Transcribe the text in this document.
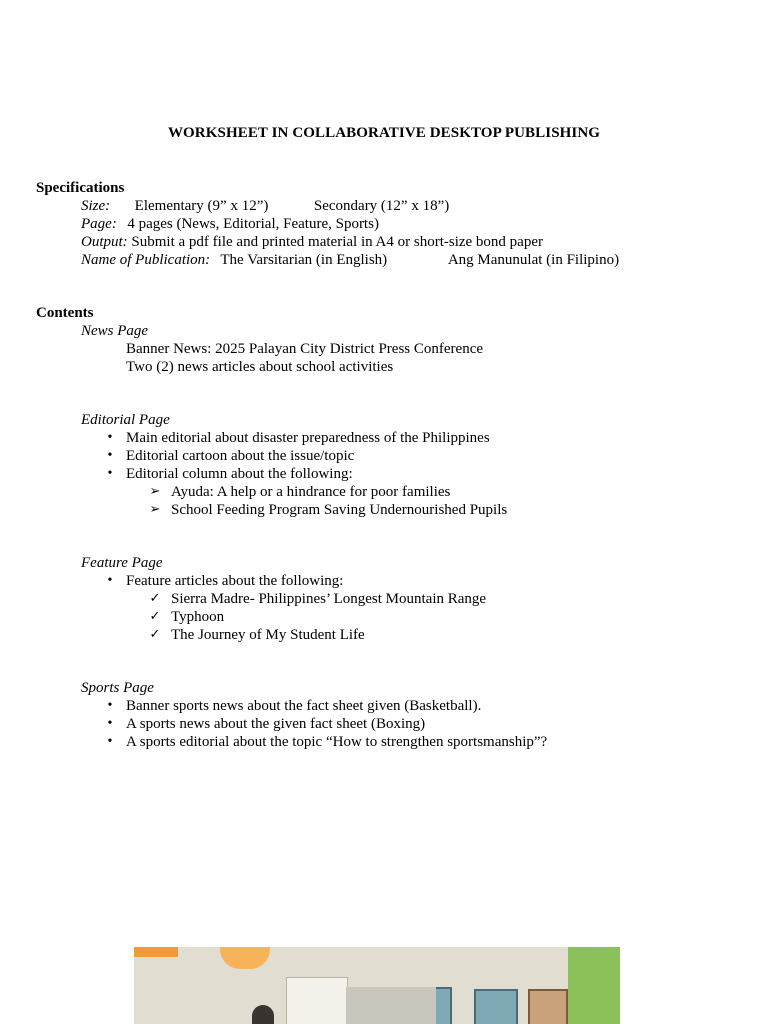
WORKSHEET IN COLLABORATIVE DESKTOP PUBLISHING
Specifications
Size: Elementary (9” x 12”)	Secondary (12” x 18”)
Page: 4 pages (News, Editorial, Feature, Sports)
Output: Submit a pdf file and printed material in A4 or short-size bond paper
Name of Publication: The Varsitarian (in English)	Ang Manunulat (in Filipino)
Contents
News Page
Banner News: 2025 Palayan City District Press Conference
Two (2) news articles about school activities
Editorial Page
• Main editorial about disaster preparedness of the Philippines
• Editorial cartoon about the issue/topic
• Editorial column about the following:
➢ Ayuda: A help or a hindrance for poor families
➢ School Feeding Program Saving Undernourished Pupils
Feature Page
• Feature articles about the following:
✓ Sierra Madre- Philippines’ Longest Mountain Range
✓ Typhoon
✓ The Journey of My Student Life
Sports Page
• Banner sports news about the fact sheet given (Basketball).
• A sports news about the given fact sheet (Boxing)
• A sports editorial about the topic “How to strengthen sportsmanship”?
